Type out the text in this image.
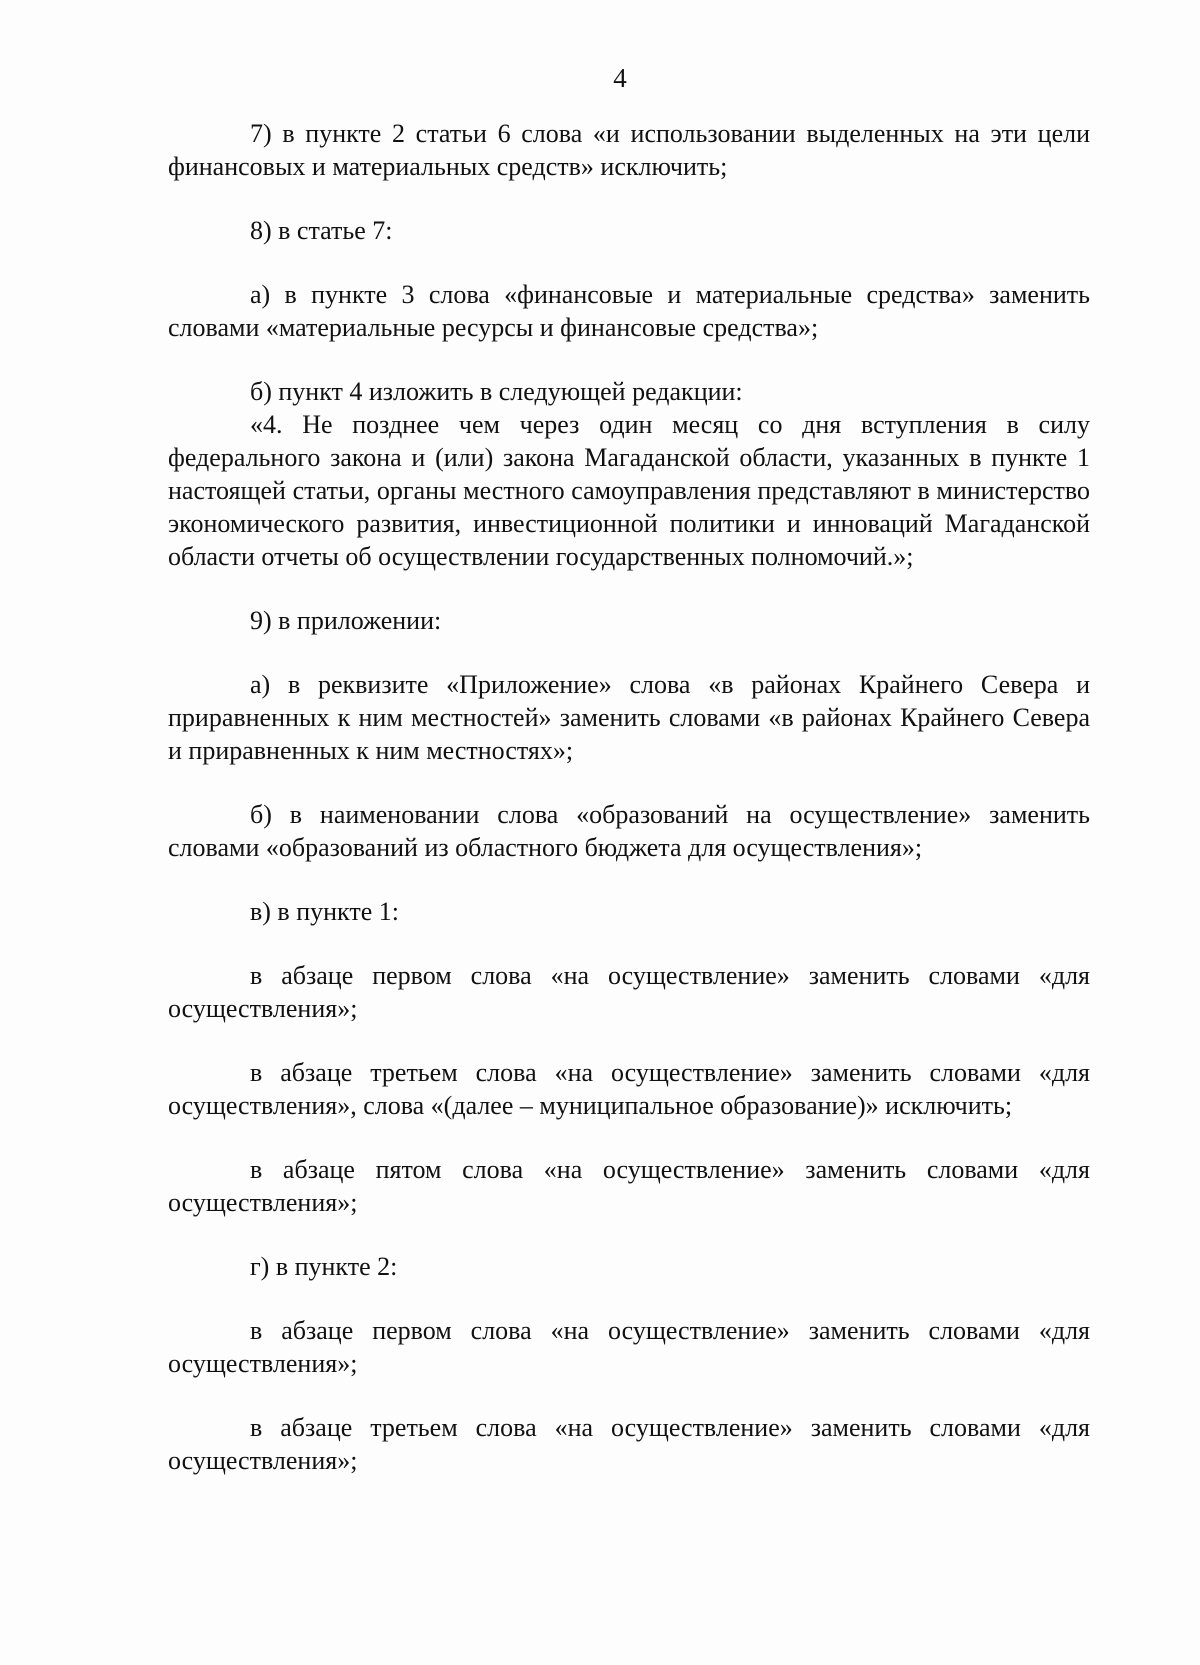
4

7) в пункте 2 статьи 6 слова «и использовании выделенных на эти цели финансовых и материальных средств» исключить;

8) в статье 7:

а) в пункте 3 слова «финансовые и материальные средства» заменить словами «материальные ресурсы и финансовые средства»;

б) пункт 4 изложить в следующей редакции:

«4. Не позднее чем через один месяц со дня вступления в силу федерального закона и (или) закона Магаданской области, указанных в пункте 1 настоящей статьи, органы местного самоуправления представляют в министерство экономического развития, инвестиционной политики и инноваций Магаданской области отчеты об осуществлении государственных полномочий.»;

9) в приложении:

а) в реквизите «Приложение» слова «в районах Крайнего Севера и приравненных к ним местностей» заменить словами «в районах Крайнего Севера и приравненных к ним местностях»;

б) в наименовании слова «образований на осуществление» заменить словами «образований из областного бюджета для осуществления»;

в) в пункте 1:

в абзаце первом слова «на осуществление» заменить словами «для осуществления»;

в абзаце третьем слова «на осуществление» заменить словами «для осуществления», слова «(далее – муниципальное образование)» исключить;

в абзаце пятом слова «на осуществление» заменить словами «для осуществления»;

г) в пункте 2:

в абзаце первом слова «на осуществление» заменить словами «для осуществления»;

в абзаце третьем слова «на осуществление» заменить словами «для осуществления»;
